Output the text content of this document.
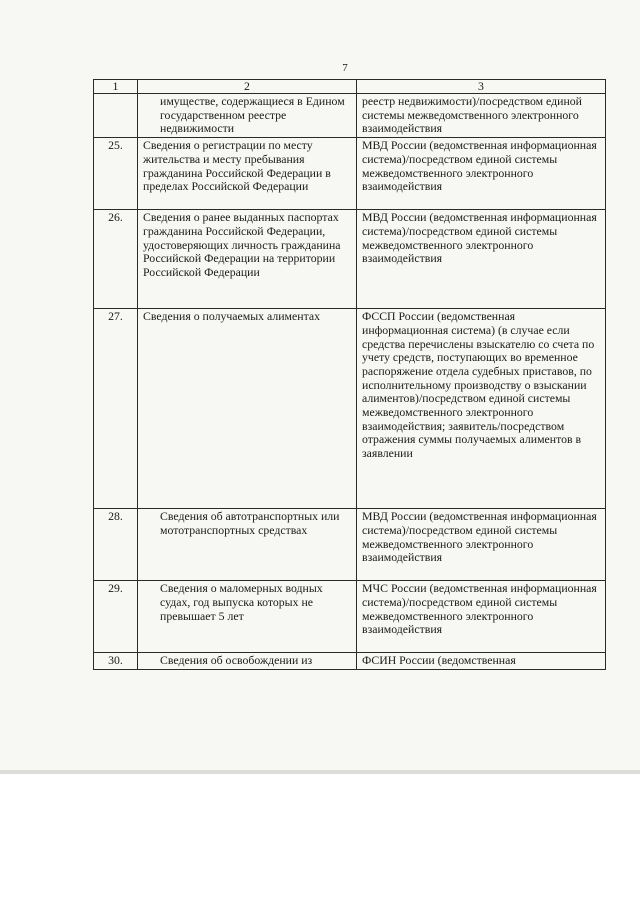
7
1	2	3
	имуществе, содержащиеся в Едином государственном реестре недвижимости	реестр недвижимости)/посредством единой системы межведомственного электронного взаимодействия
25.	Сведения о регистрации по месту жительства и месту пребывания гражданина Российской Федерации в пределах Российской Федерации	МВД России (ведомственная информационная система)/посредством единой системы межведомственного электронного взаимодействия
26.	Сведения о ранее выданных паспортах гражданина Российской Федерации, удостоверяющих личность гражданина Российской Федерации на территории Российской Федерации	МВД России (ведомственная информационная система)/посредством единой системы межведомственного электронного взаимодействия
27.	Сведения о получаемых алиментах	ФССП России (ведомственная информационная система) (в случае если средства перечислены взыскателю со счета по учету средств, поступающих во временное распоряжение отдела судебных приставов, по исполнительному производству о взыскании алиментов)/посредством единой системы межведомственного электронного взаимодействия; заявитель/посредством отражения суммы получаемых алиментов в заявлении
28.	Сведения об автотранспортных или мототранспортных средствах	МВД России (ведомственная информационная система)/посредством единой системы межведомственного электронного взаимодействия
29.	Сведения о маломерных водных судах, год выпуска которых не превышает 5 лет	МЧС России (ведомственная информационная система)/посредством единой системы межведомственного электронного взаимодействия
30.	Сведения об освобождении из	ФСИН России (ведомственная
